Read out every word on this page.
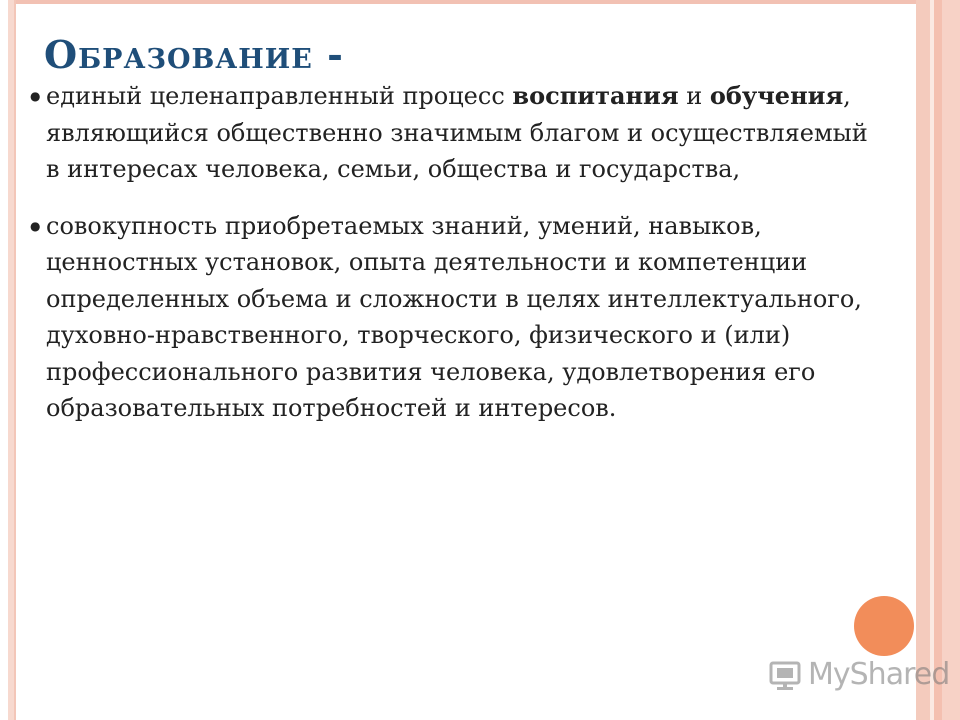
Образование -

● единый целенаправленный процесс воспитания и обучения, являющийся общественно значимым благом и осуществляемый в интересах человека, семьи, общества и государства,

● совокупность приобретаемых знаний, умений, навыков, ценностных установок, опыта деятельности и компетенции определенных объема и сложности в целях интеллектуального, духовно-нравственного, творческого, физического и (или) профессионального развития человека, удовлетворения его образовательных потребностей и интересов.

MyShared
